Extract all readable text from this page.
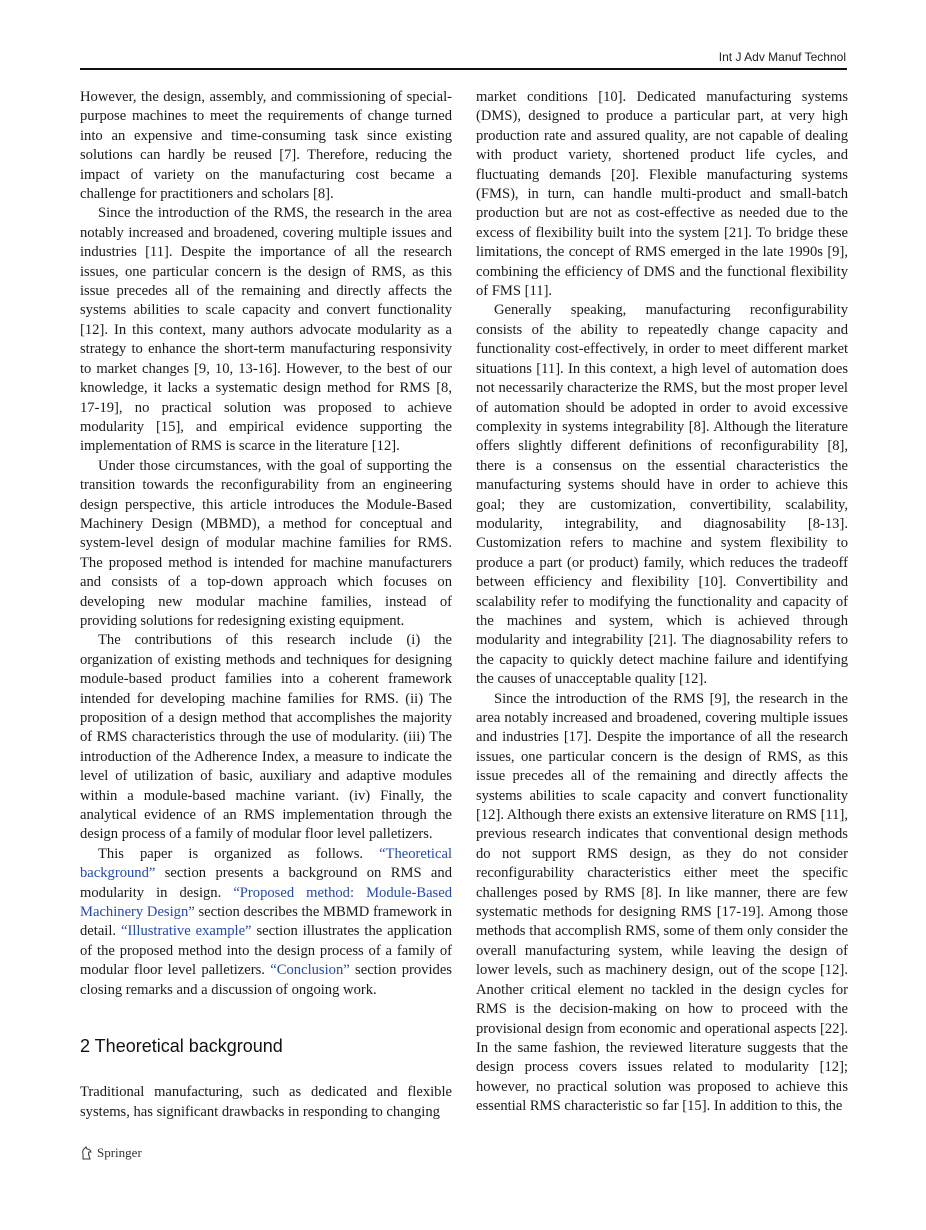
Int J Adv Manuf Technol

However, the design, assembly, and commissioning of special-purpose machines to meet the requirements of change turned into an expensive and time-consuming task since existing solutions can hardly be reused [7]. Therefore, reducing the impact of variety on the manufacturing cost became a challenge for practitioners and scholars [8].

Since the introduction of the RMS, the research in the area notably increased and broadened, covering multiple issues and industries [11]. Despite the importance of all the research issues, one particular concern is the design of RMS, as this issue precedes all of the remaining and directly affects the systems abilities to scale capacity and convert functionality [12]. In this context, many authors advocate modularity as a strategy to enhance the short-term manufacturing responsivity to market changes [9, 10, 13-16]. However, to the best of our knowledge, it lacks a systematic design method for RMS [8, 17-19], no practical solution was proposed to achieve modularity [15], and empirical evidence supporting the implementation of RMS is scarce in the literature [12].

Under those circumstances, with the goal of supporting the transition towards the reconfigurability from an engineering design perspective, this article introduces the Module-Based Machinery Design (MBMD), a method for conceptual and system-level design of modular machine families for RMS. The proposed method is intended for machine manufacturers and consists of a top-down approach which focuses on developing new modular machine families, instead of providing solutions for redesigning existing equipment.

The contributions of this research include (i) the organization of existing methods and techniques for designing module-based product families into a coherent framework intended for developing machine families for RMS. (ii) The proposition of a design method that accomplishes the majority of RMS characteristics through the use of modularity. (iii) The introduction of the Adherence Index, a measure to indicate the level of utilization of basic, auxiliary and adaptive modules within a module-based machine variant. (iv) Finally, the analytical evidence of an RMS implementation through the design process of a family of modular floor level palletizers.

This paper is organized as follows. “Theoretical background” section presents a background on RMS and modularity in design. “Proposed method: Module-Based Machinery Design” section describes the MBMD framework in detail. “Illustrative example” section illustrates the application of the proposed method into the design process of a family of modular floor level palletizers. “Conclusion” section provides closing remarks and a discussion of ongoing work.

2 Theoretical background

Traditional manufacturing, such as dedicated and flexible systems, has significant drawbacks in responding to changing

market conditions [10]. Dedicated manufacturing systems (DMS), designed to produce a particular part, at very high production rate and assured quality, are not capable of dealing with product variety, shortened product life cycles, and fluctuating demands [20]. Flexible manufacturing systems (FMS), in turn, can handle multi-product and small-batch production but are not as cost-effective as needed due to the excess of flexibility built into the system [21]. To bridge these limitations, the concept of RMS emerged in the late 1990s [9], combining the efficiency of DMS and the functional flexibility of FMS [11].

Generally speaking, manufacturing reconfigurability consists of the ability to repeatedly change capacity and functionality cost-effectively, in order to meet different market situations [11]. In this context, a high level of automation does not necessarily characterize the RMS, but the most proper level of automation should be adopted in order to avoid excessive complexity in systems integrability [8]. Although the literature offers slightly different definitions of reconfigurability [8], there is a consensus on the essential characteristics the manufacturing systems should have in order to achieve this goal; they are customization, convertibility, scalability, modularity, integrability, and diagnosability [8-13]. Customization refers to machine and system flexibility to produce a part (or product) family, which reduces the tradeoff between efficiency and flexibility [10]. Convertibility and scalability refer to modifying the functionality and capacity of the machines and system, which is achieved through modularity and integrability [21]. The diagnosability refers to the capacity to quickly detect machine failure and identifying the causes of unacceptable quality [12].

Since the introduction of the RMS [9], the research in the area notably increased and broadened, covering multiple issues and industries [17]. Despite the importance of all the research issues, one particular concern is the design of RMS, as this issue precedes all of the remaining and directly affects the systems abilities to scale capacity and convert functionality [12]. Although there exists an extensive literature on RMS [11], previous research indicates that conventional design methods do not support RMS design, as they do not consider reconfigurability characteristics either meet the specific challenges posed by RMS [8]. In like manner, there are few systematic methods for designing RMS [17-19]. Among those methods that accomplish RMS, some of them only consider the overall manufacturing system, while leaving the design of lower levels, such as machinery design, out of the scope [12]. Another critical element no tackled in the design cycles for RMS is the decision-making on how to proceed with the provisional design from economic and operational aspects [22]. In the same fashion, the reviewed literature suggests that the design process covers issues related to modularity [12]; however, no practical solution was proposed to achieve this essential RMS characteristic so far [15]. In addition to this, the

Springer
